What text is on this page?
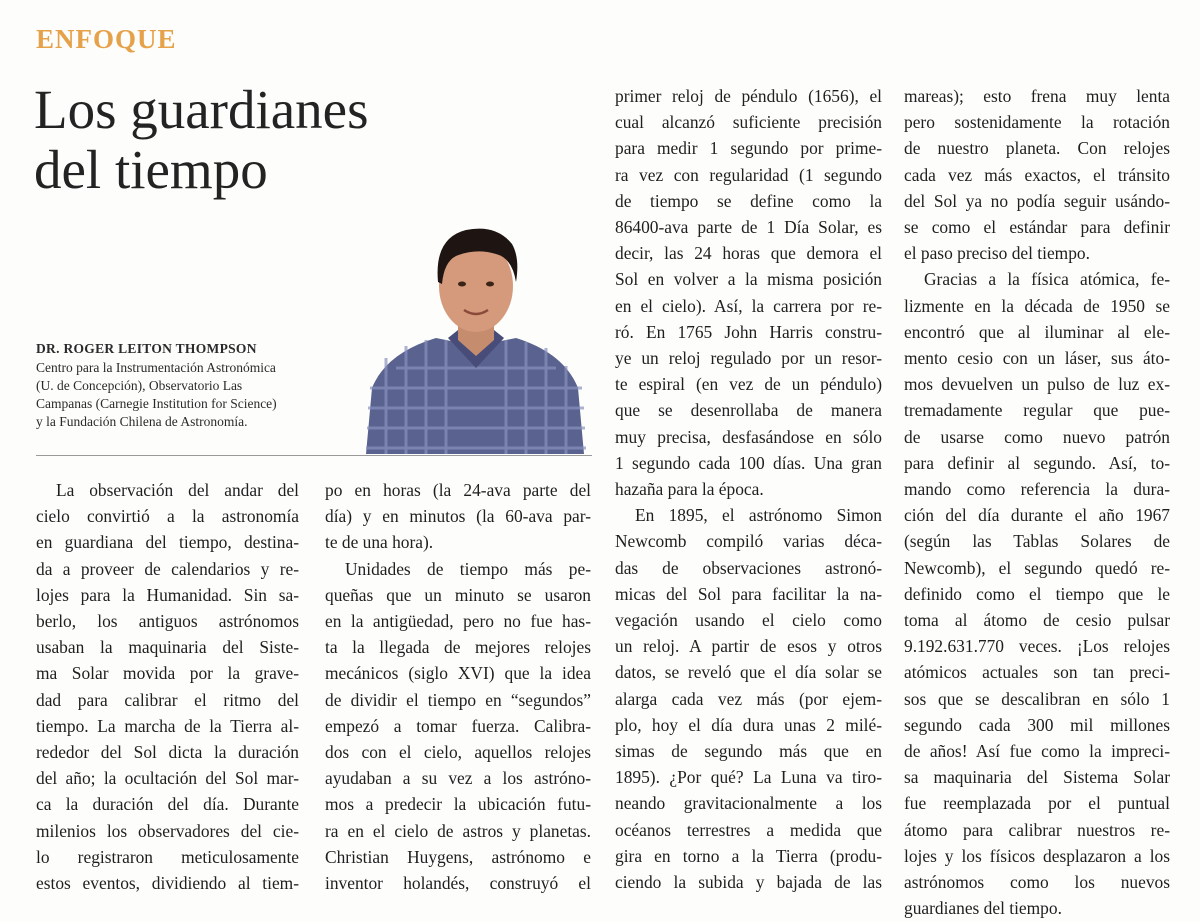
ENFOQUE
Los guardianes
del tiempo
DR. ROGER LEITON THOMPSON
Centro para la Instrumentación Astronómica
(U. de Concepción), Observatorio Las
Campanas (Carnegie Institution for Science)
y la Fundación Chilena de Astronomía.
La observación del andar del
cielo convirtió a la astronomía
en guardiana del tiempo, destina-
da a proveer de calendarios y re-
lojes para la Humanidad. Sin sa-
berlo, los antiguos astrónomos
usaban la maquinaria del Siste-
ma Solar movida por la grave-
dad para calibrar el ritmo del
tiempo. La marcha de la Tierra al-
rededor del Sol dicta la duración
del año; la ocultación del Sol mar-
ca la duración del día. Durante
milenios los observadores del cie-
lo registraron meticulosamente
estos eventos, dividiendo al tiem-
po en horas (la 24-ava parte del
día) y en minutos (la 60-ava par-
te de una hora).
Unidades de tiempo más pe-
queñas que un minuto se usaron
en la antigüedad, pero no fue has-
ta la llegada de mejores relojes
mecánicos (siglo XVI) que la idea
de dividir el tiempo en “segundos”
empezó a tomar fuerza. Calibra-
dos con el cielo, aquellos relojes
ayudaban a su vez a los astróno-
mos a predecir la ubicación futu-
ra en el cielo de astros y planetas.
Christian Huygens, astrónomo e
inventor holandés, construyó el
primer reloj de péndulo (1656), el
cual alcanzó suficiente precisión
para medir 1 segundo por prime-
ra vez con regularidad (1 segundo
de tiempo se define como la
86400-ava parte de 1 Día Solar, es
decir, las 24 horas que demora el
Sol en volver a la misma posición
en el cielo). Así, la carrera por re-
ró. En 1765 John Harris constru-
ye un reloj regulado por un resor-
te espiral (en vez de un péndulo)
que se desenrollaba de manera
muy precisa, desfasándose en sólo
1 segundo cada 100 días. Una gran
hazaña para la época.
En 1895, el astrónomo Simon
Newcomb compiló varias déca-
das de observaciones astronó-
micas del Sol para facilitar la na-
vegación usando el cielo como
un reloj. A partir de esos y otros
datos, se reveló que el día solar se
alarga cada vez más (por ejem-
plo, hoy el día dura unas 2 milé-
simas de segundo más que en
1895). ¿Por qué? La Luna va tiro-
neando gravitacionalmente a los
océanos terrestres a medida que
gira en torno a la Tierra (produ-
ciendo la subida y bajada de las
mareas); esto frena muy lenta
pero sostenidamente la rotación
de nuestro planeta. Con relojes
cada vez más exactos, el tránsito
del Sol ya no podía seguir usándo-
se como el estándar para definir
el paso preciso del tiempo.
Gracias a la física atómica, fe-
lizmente en la década de 1950 se
encontró que al iluminar al ele-
mento cesio con un láser, sus áto-
mos devuelven un pulso de luz ex-
tremadamente regular que pue-
de usarse como nuevo patrón
para definir al segundo. Así, to-
mando como referencia la dura-
ción del día durante el año 1967
(según las Tablas Solares de
Newcomb), el segundo quedó re-
definido como el tiempo que le
toma al átomo de cesio pulsar
9.192.631.770 veces. ¡Los relojes
atómicos actuales son tan preci-
sos que se descalibran en sólo 1
segundo cada 300 mil millones
de años! Así fue como la impreci-
sa maquinaria del Sistema Solar
fue reemplazada por el puntual
átomo para calibrar nuestros re-
lojes y los físicos desplazaron a los
astrónomos como los nuevos
guardianes del tiempo.
